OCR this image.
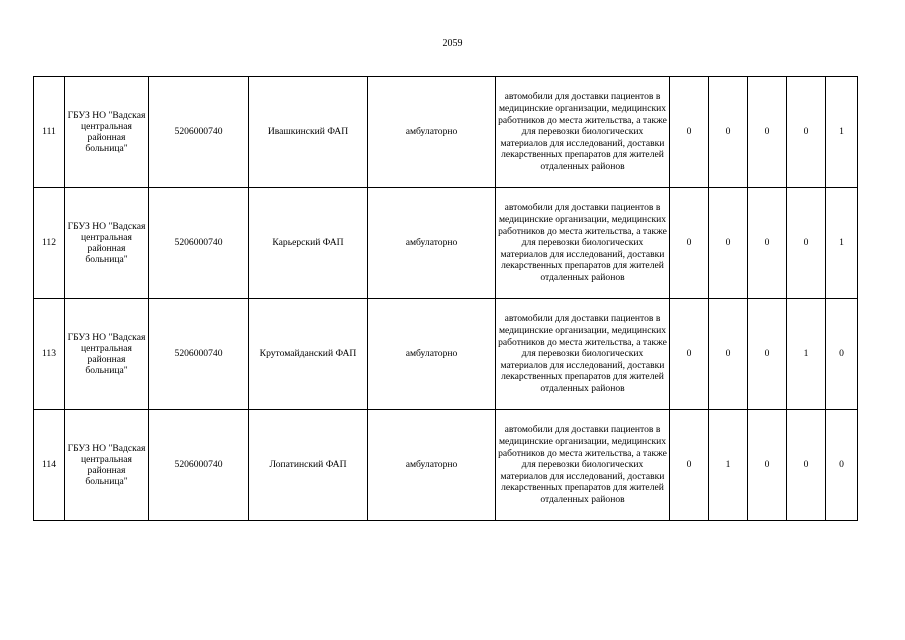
2059
111	ГБУЗ НО "Вадская центральная районная больница"	5206000740	Ивашкинский ФАП	амбулаторно	автомобили для доставки пациентов в медицинские организации, медицинских работников до места жительства, а также для перевозки биологических материалов для исследований, доставки лекарственных препаратов для жителей отдаленных районов	0	0	0	0	1
112	ГБУЗ НО "Вадская центральная районная больница"	5206000740	Карьерский ФАП	амбулаторно	автомобили для доставки пациентов в медицинские организации, медицинских работников до места жительства, а также для перевозки биологических материалов для исследований, доставки лекарственных препаратов для жителей отдаленных районов	0	0	0	0	1
113	ГБУЗ НО "Вадская центральная районная больница"	5206000740	Крутомайданский ФАП	амбулаторно	автомобили для доставки пациентов в медицинские организации, медицинских работников до места жительства, а также для перевозки биологических материалов для исследований, доставки лекарственных препаратов для жителей отдаленных районов	0	0	0	1	0
114	ГБУЗ НО "Вадская центральная районная больница"	5206000740	Лопатинский ФАП	амбулаторно	автомобили для доставки пациентов в медицинские организации, медицинских работников до места жительства, а также для перевозки биологических материалов для исследований, доставки лекарственных препаратов для жителей отдаленных районов	0	1	0	0	0
